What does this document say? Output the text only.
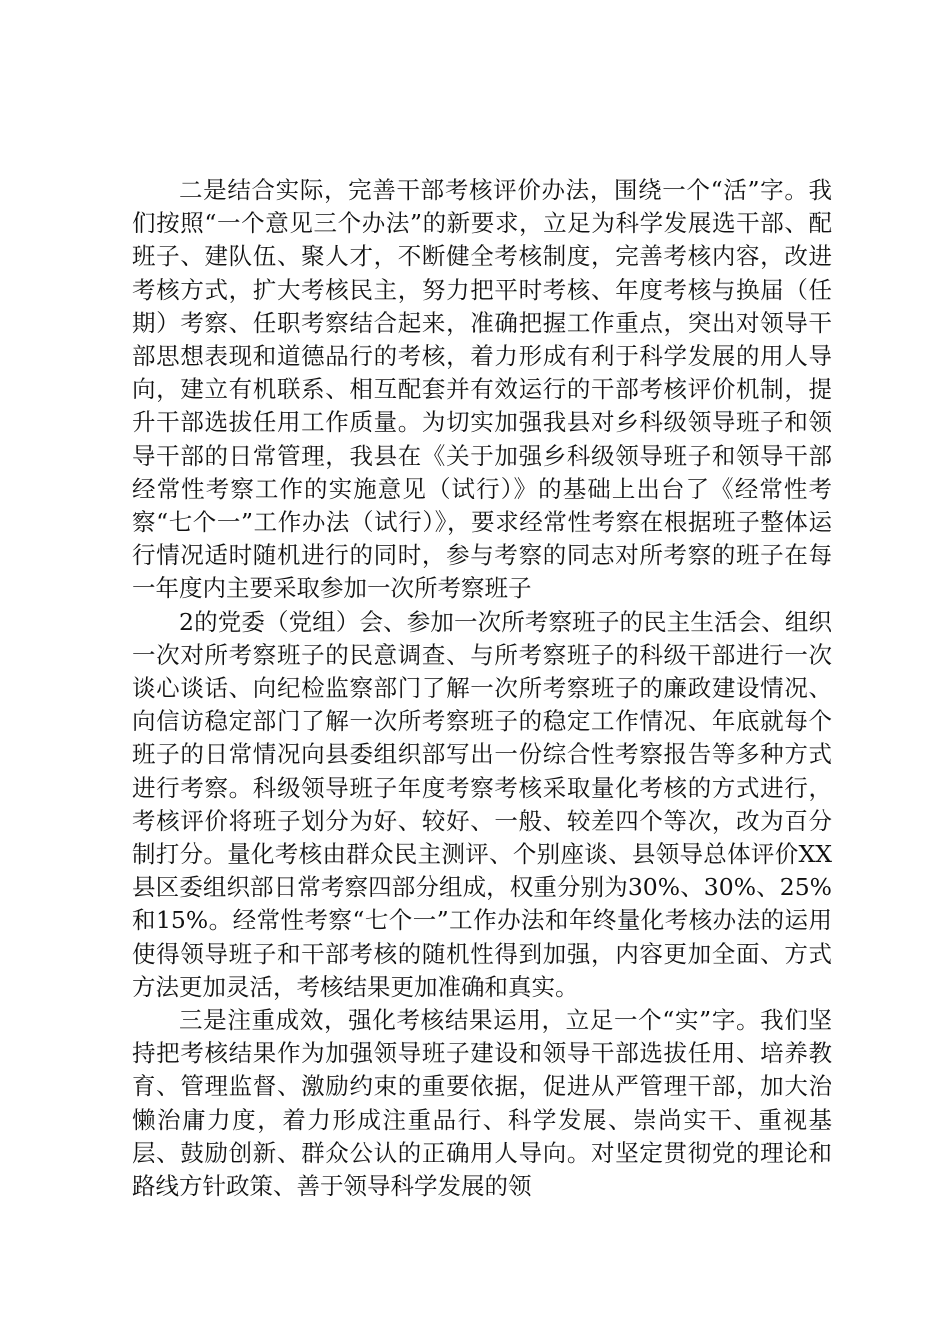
二是结合实际，完善干部考核评价办法，围绕一个“活”字。我们按照“一个意见三个办法”的新要求，立足为科学发展选干部、配班子、建队伍、聚人才，不断健全考核制度，完善考核内容，改进考核方式，扩大考核民主，努力把平时考核、年度考核与换届（任期）考察、任职考察结合起来，准确把握工作重点，突出对领导干部思想表现和道德品行的考核，着力形成有利于科学发展的用人导向，建立有机联系、相互配套并有效运行的干部考核评价机制，提升干部选拔任用工作质量。为切实加强我县对乡科级领导班子和领导干部的日常管理，我县在《关于加强乡科级领导班子和领导干部经常性考察工作的实施意见（试行）》的基础上出台了《经常性考察“七个一”工作办法（试行）》，要求经常性考察在根据班子整体运行情况适时随机进行的同时，参与考察的同志对所考察的班子在每一年度内主要采取参加一次所考察班子

2的党委（党组）会、参加一次所考察班子的民主生活会、组织一次对所考察班子的民意调查、与所考察班子的科级干部进行一次谈心谈话、向纪检监察部门了解一次所考察班子的廉政建设情况、向信访稳定部门了解一次所考察班子的稳定工作情况、年底就每个班子的日常情况向县委组织部写出一份综合性考察报告等多种方式进行考察。科级领导班子年度考察考核采取量化考核的方式进行，考核评价将班子划分为好、较好、一般、较差四个等次，改为百分制打分。量化考核由群众民主测评、个别座谈、县领导总体评价XX县区委组织部日常考察四部分组成，权重分别为30%、30%、25%和15%。经常性考察“七个一”工作办法和年终量化考核办法的运用使得领导班子和干部考核的随机性得到加强，内容更加全面、方式方法更加灵活，考核结果更加准确和真实。

三是注重成效，强化考核结果运用，立足一个“实”字。我们坚持把考核结果作为加强领导班子建设和领导干部选拔任用、培养教育、管理监督、激励约束的重要依据，促进从严管理干部，加大治懒治庸力度，着力形成注重品行、科学发展、崇尚实干、重视基层、鼓励创新、群众公认的正确用人导向。对坚定贯彻党的理论和路线方针政策、善于领导科学发展的领
